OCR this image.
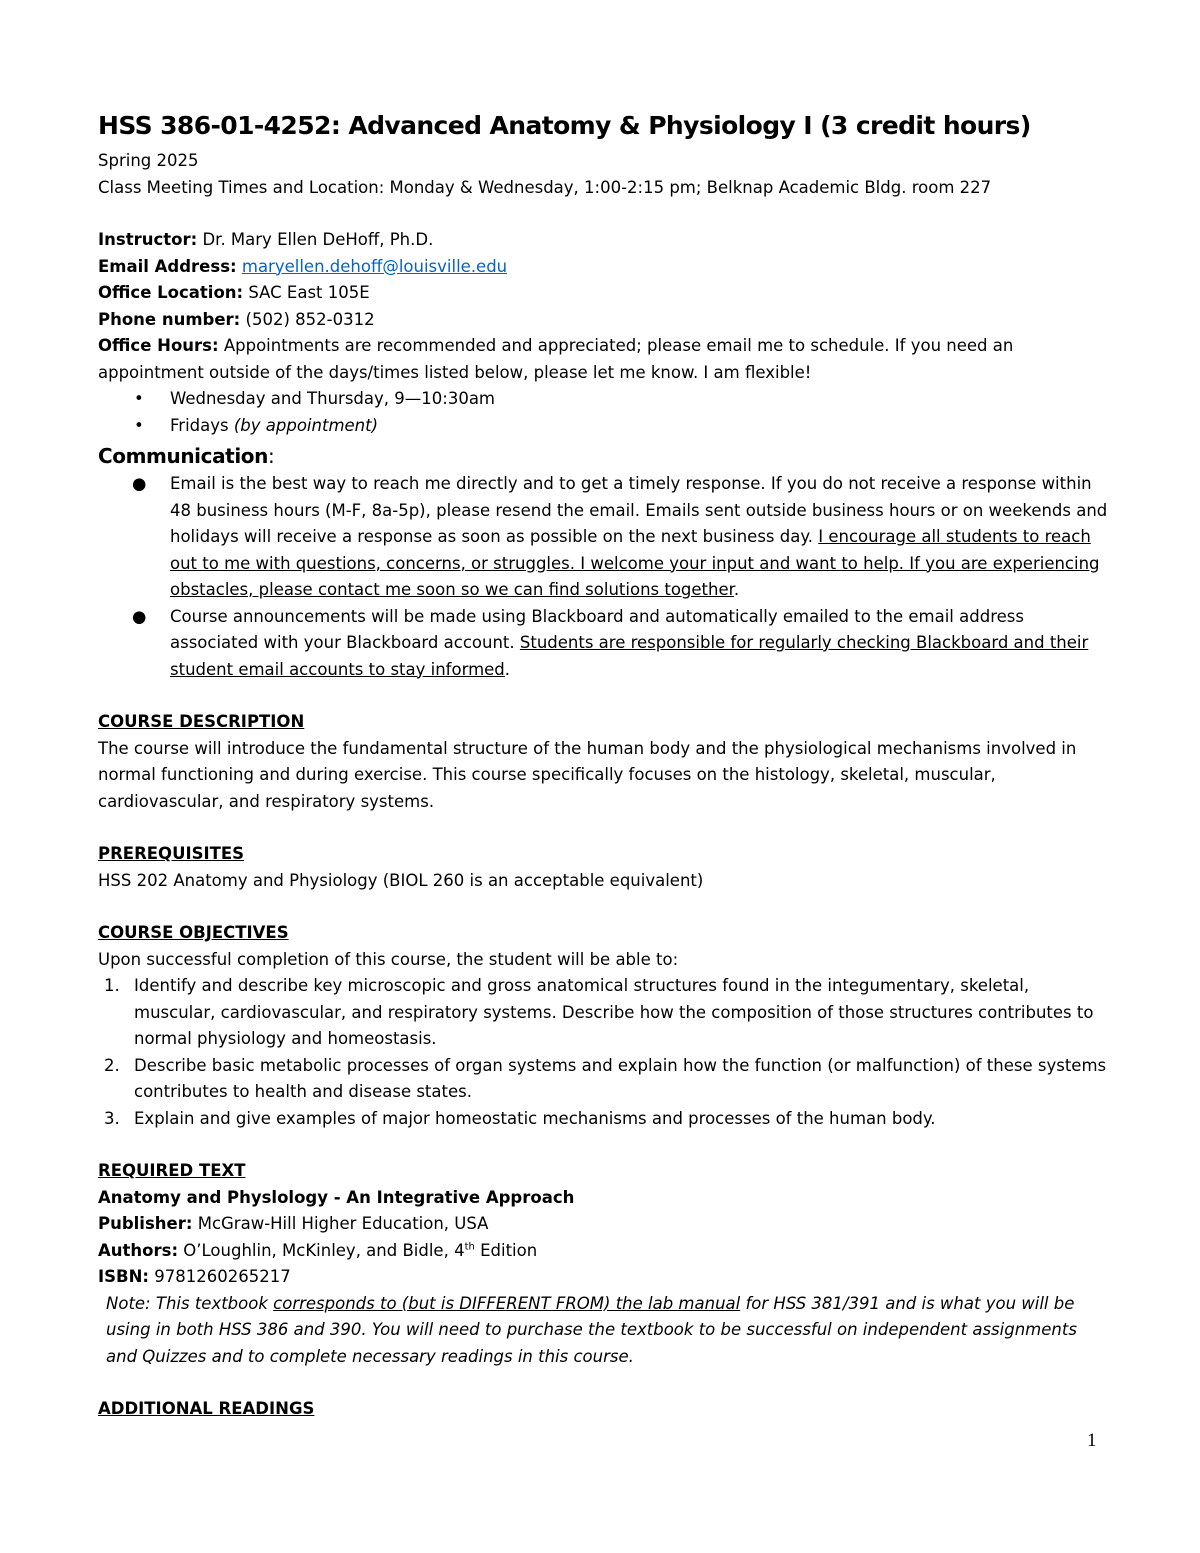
HSS 386-01-4252: Advanced Anatomy & Physiology I (3 credit hours)

Spring 2025

Class Meeting Times and Location: Monday & Wednesday, 1:00-2:15 pm; Belknap Academic Bldg. room 227

Instructor: Dr. Mary Ellen DeHoff, Ph.D.

Email Address: maryellen.dehoff@louisville.edu

Office Location: SAC East 105E

Phone number: (502) 852-0312

Office Hours: Appointments are recommended and appreciated; please email me to schedule. If you need an appointment outside of the days/times listed below, please let me know. I am flexible!

• Wednesday and Thursday, 9—10:30am
• Fridays (by appointment)
Communication:
● Email is the best way to reach me directly and to get a timely response. If you do not receive a response within 48 business hours (M-F, 8a-5p), please resend the email. Emails sent outside business hours or on weekends and holidays will receive a response as soon as possible on the next business day. I encourage all students to reach out to me with questions, concerns, or struggles. I welcome your input and want to help. If you are experiencing obstacles, please contact me soon so we can find solutions together.
● Course announcements will be made using Blackboard and automatically emailed to the email address associated with your Blackboard account. Students are responsible for regularly checking Blackboard and their student email accounts to stay informed.

COURSE DESCRIPTION

The course will introduce the fundamental structure of the human body and the physiological mechanisms involved in normal functioning and during exercise. This course specifically focuses on the histology, skeletal, muscular, cardiovascular, and respiratory systems.

PREREQUISITES

HSS 202 Anatomy and Physiology (BIOL 260 is an acceptable equivalent)

COURSE OBJECTIVES

Upon successful completion of this course, the student will be able to:

1. Identify and describe key microscopic and gross anatomical structures found in the integumentary, skeletal, muscular, cardiovascular, and respiratory systems. Describe how the composition of those structures contributes to normal physiology and homeostasis.
2. Describe basic metabolic processes of organ systems and explain how the function (or malfunction) of these systems contributes to health and disease states.
3. Explain and give examples of major homeostatic mechanisms and processes of the human body.

REQUIRED TEXT

Anatomy and Physlology - An Integrative Approach

Publisher: McGraw-Hill Higher Education, USA

Authors: O’Loughlin, McKinley, and Bidle, 4th Edition

ISBN: 9781260265217

Note: This textbook corresponds to (but is DIFFERENT FROM) the lab manual for HSS 381/391 and is what you will be using in both HSS 386 and 390. You will need to purchase the textbook to be successful on independent assignments and Quizzes and to complete necessary readings in this course.

ADDITIONAL READINGS

1
